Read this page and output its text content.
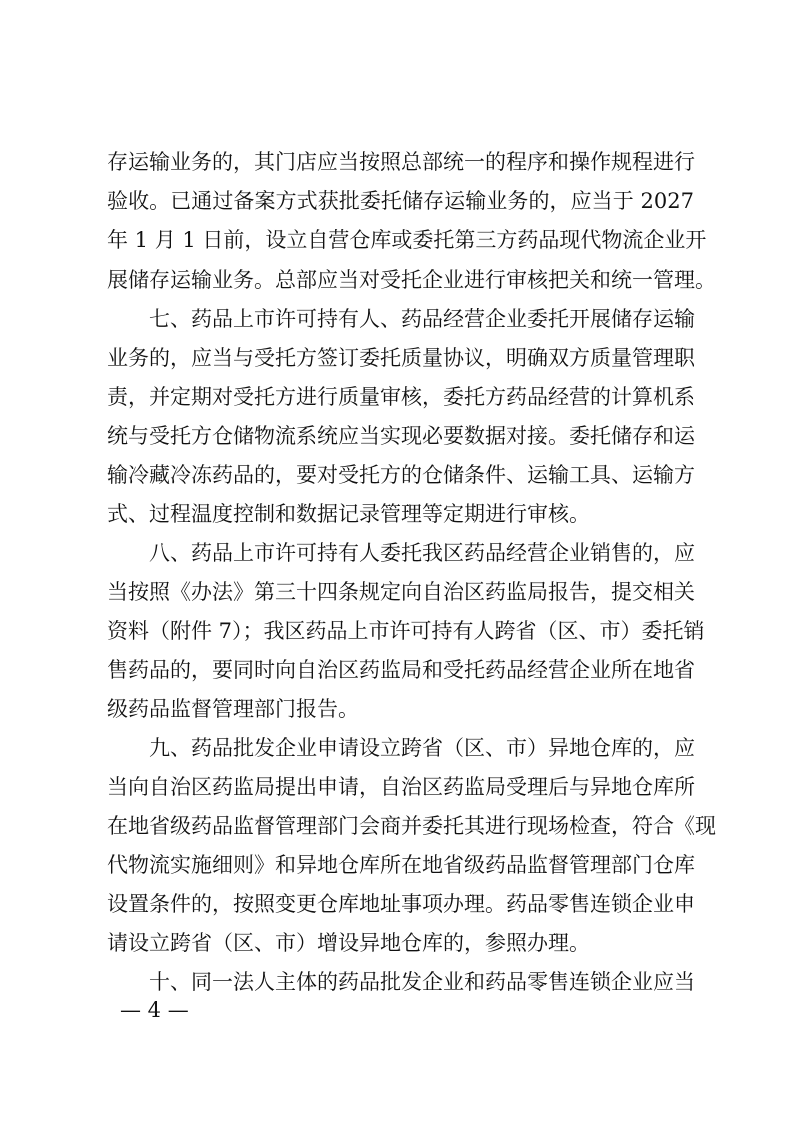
存运输业务的，其门店应当按照总部统一的程序和操作规程进行
验收。已通过备案方式获批委托储存运输业务的，应当于 2027
年 1 月 1 日前，设立自营仓库或委托第三方药品现代物流企业开
展储存运输业务。总部应当对受托企业进行审核把关和统一管理。
七、药品上市许可持有人、药品经营企业委托开展储存运输
业务的，应当与受托方签订委托质量协议，明确双方质量管理职
责，并定期对受托方进行质量审核，委托方药品经营的计算机系
统与受托方仓储物流系统应当实现必要数据对接。委托储存和运
输冷藏冷冻药品的，要对受托方的仓储条件、运输工具、运输方
式、过程温度控制和数据记录管理等定期进行审核。
八、药品上市许可持有人委托我区药品经营企业销售的，应
当按照《办法》第三十四条规定向自治区药监局报告，提交相关
资料（附件 7）；我区药品上市许可持有人跨省（区、市）委托销
售药品的，要同时向自治区药监局和受托药品经营企业所在地省
级药品监督管理部门报告。
九、药品批发企业申请设立跨省（区、市）异地仓库的，应
当向自治区药监局提出申请，自治区药监局受理后与异地仓库所
在地省级药品监督管理部门会商并委托其进行现场检查，符合《现
代物流实施细则》和异地仓库所在地省级药品监督管理部门仓库
设置条件的，按照变更仓库地址事项办理。药品零售连锁企业申
请设立跨省（区、市）增设异地仓库的，参照办理。
十、同一法人主体的药品批发企业和药品零售连锁企业应当
— 4 —
